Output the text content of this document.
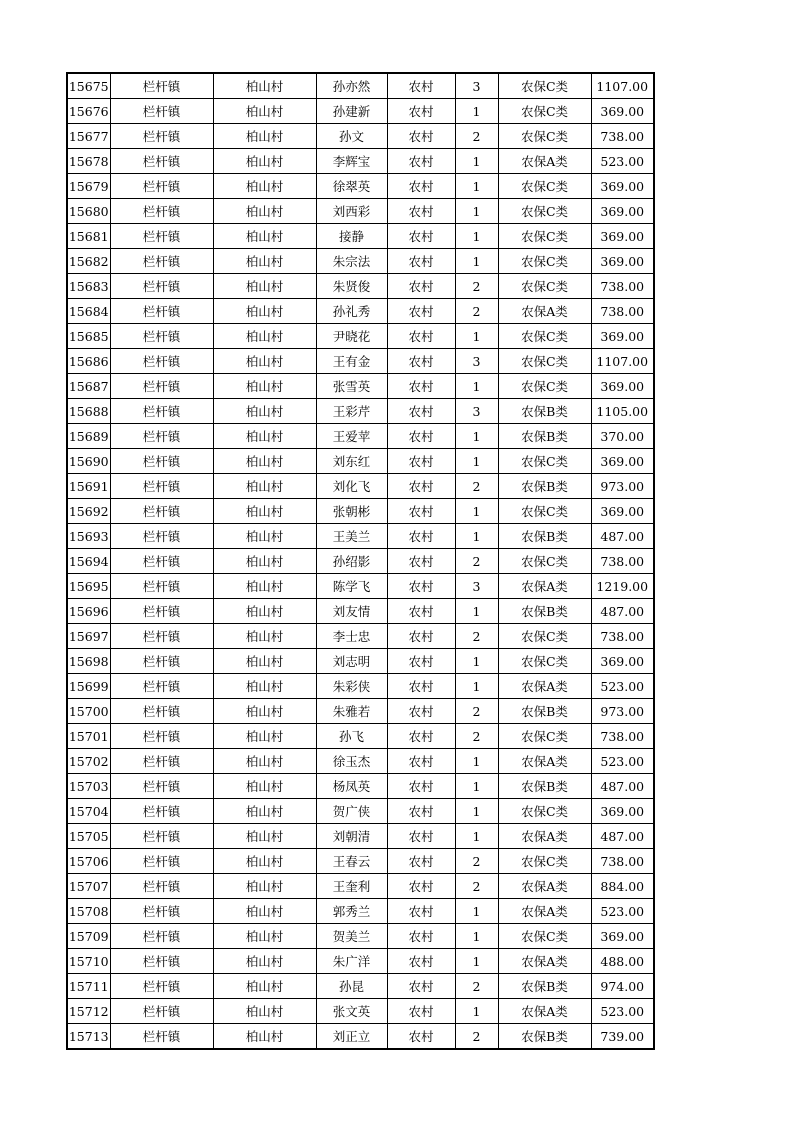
15675	栏杆镇	柏山村	孙亦然	农村	3	农保C类	1107.00
15676	栏杆镇	柏山村	孙建新	农村	1	农保C类	369.00
15677	栏杆镇	柏山村	孙文	农村	2	农保C类	738.00
15678	栏杆镇	柏山村	李辉宝	农村	1	农保A类	523.00
15679	栏杆镇	柏山村	徐翠英	农村	1	农保C类	369.00
15680	栏杆镇	柏山村	刘西彩	农村	1	农保C类	369.00
15681	栏杆镇	柏山村	接静	农村	1	农保C类	369.00
15682	栏杆镇	柏山村	朱宗法	农村	1	农保C类	369.00
15683	栏杆镇	柏山村	朱贤俊	农村	2	农保C类	738.00
15684	栏杆镇	柏山村	孙礼秀	农村	2	农保A类	738.00
15685	栏杆镇	柏山村	尹晓花	农村	1	农保C类	369.00
15686	栏杆镇	柏山村	王有金	农村	3	农保C类	1107.00
15687	栏杆镇	柏山村	张雪英	农村	1	农保C类	369.00
15688	栏杆镇	柏山村	王彩芹	农村	3	农保B类	1105.00
15689	栏杆镇	柏山村	王爱苹	农村	1	农保B类	370.00
15690	栏杆镇	柏山村	刘东红	农村	1	农保C类	369.00
15691	栏杆镇	柏山村	刘化飞	农村	2	农保B类	973.00
15692	栏杆镇	柏山村	张朝彬	农村	1	农保C类	369.00
15693	栏杆镇	柏山村	王美兰	农村	1	农保B类	487.00
15694	栏杆镇	柏山村	孙绍影	农村	2	农保C类	738.00
15695	栏杆镇	柏山村	陈学飞	农村	3	农保A类	1219.00
15696	栏杆镇	柏山村	刘友情	农村	1	农保B类	487.00
15697	栏杆镇	柏山村	李士忠	农村	2	农保C类	738.00
15698	栏杆镇	柏山村	刘志明	农村	1	农保C类	369.00
15699	栏杆镇	柏山村	朱彩侠	农村	1	农保A类	523.00
15700	栏杆镇	柏山村	朱雅若	农村	2	农保B类	973.00
15701	栏杆镇	柏山村	孙飞	农村	2	农保C类	738.00
15702	栏杆镇	柏山村	徐玉杰	农村	1	农保A类	523.00
15703	栏杆镇	柏山村	杨凤英	农村	1	农保B类	487.00
15704	栏杆镇	柏山村	贺广侠	农村	1	农保C类	369.00
15705	栏杆镇	柏山村	刘朝清	农村	1	农保A类	487.00
15706	栏杆镇	柏山村	王春云	农村	2	农保C类	738.00
15707	栏杆镇	柏山村	王奎利	农村	2	农保A类	884.00
15708	栏杆镇	柏山村	郭秀兰	农村	1	农保A类	523.00
15709	栏杆镇	柏山村	贺美兰	农村	1	农保C类	369.00
15710	栏杆镇	柏山村	朱广洋	农村	1	农保A类	488.00
15711	栏杆镇	柏山村	孙昆	农村	2	农保B类	974.00
15712	栏杆镇	柏山村	张文英	农村	1	农保A类	523.00
15713	栏杆镇	柏山村	刘正立	农村	2	农保B类	739.00
